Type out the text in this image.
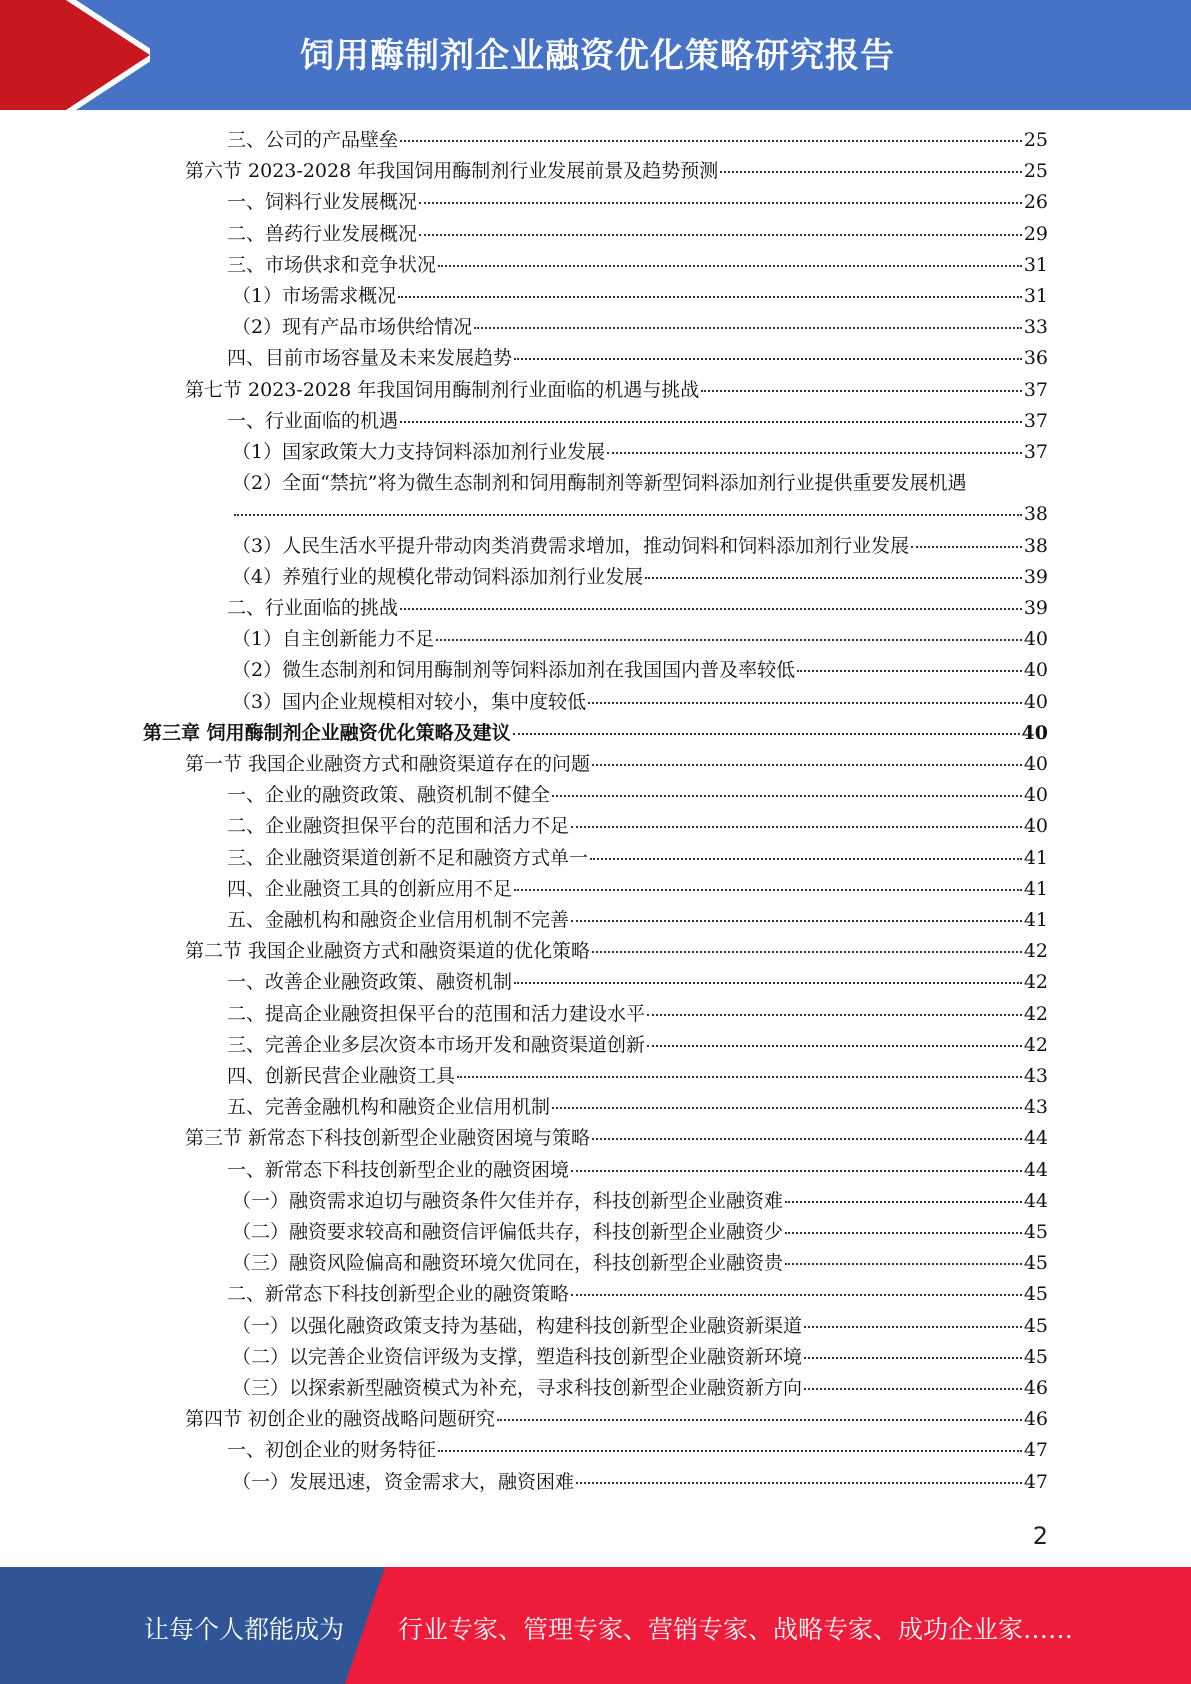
饲用酶制剂企业融资优化策略研究报告
三、公司的产品壁垒	25
第六节 2023-2028 年我国饲用酶制剂行业发展前景及趋势预测	25
一、饲料行业发展概况	26
二、兽药行业发展概况	29
三、市场供求和竞争状况	31
（1）市场需求概况	31
（2）现有产品市场供给情况	33
四、目前市场容量及未来发展趋势	36
第七节 2023-2028 年我国饲用酶制剂行业面临的机遇与挑战	37
一、行业面临的机遇	37
（1）国家政策大力支持饲料添加剂行业发展	37
（2）全面“禁抗”将为微生态制剂和饲用酶制剂等新型饲料添加剂行业提供重要发展机遇
38
（3）人民生活水平提升带动肉类消费需求增加，推动饲料和饲料添加剂行业发展	38
（4）养殖行业的规模化带动饲料添加剂行业发展	39
二、行业面临的挑战	39
（1）自主创新能力不足	40
（2）微生态制剂和饲用酶制剂等饲料添加剂在我国国内普及率较低	40
（3）国内企业规模相对较小，集中度较低	40
第三章 饲用酶制剂企业融资优化策略及建议	40
第一节 我国企业融资方式和融资渠道存在的问题	40
一、企业的融资政策、融资机制不健全	40
二、企业融资担保平台的范围和活力不足	40
三、企业融资渠道创新不足和融资方式单一	41
四、企业融资工具的创新应用不足	41
五、金融机构和融资企业信用机制不完善	41
第二节 我国企业融资方式和融资渠道的优化策略	42
一、改善企业融资政策、融资机制	42
二、提高企业融资担保平台的范围和活力建设水平	42
三、完善企业多层次资本市场开发和融资渠道创新	42
四、创新民营企业融资工具	43
五、完善金融机构和融资企业信用机制	43
第三节 新常态下科技创新型企业融资困境与策略	44
一、新常态下科技创新型企业的融资困境	44
（一）融资需求迫切与融资条件欠佳并存，科技创新型企业融资难	44
（二）融资要求较高和融资信评偏低共存，科技创新型企业融资少	45
（三）融资风险偏高和融资环境欠优同在，科技创新型企业融资贵	45
二、新常态下科技创新型企业的融资策略	45
（一）以强化融资政策支持为基础，构建科技创新型企业融资新渠道	45
（二）以完善企业资信评级为支撑，塑造科技创新型企业融资新环境	45
（三）以探索新型融资模式为补充，寻求科技创新型企业融资新方向	46
第四节 初创企业的融资战略问题研究	46
一、初创企业的财务特征	47
（一）发展迅速，资金需求大，融资困难	47
2
让每个人都能成为 行业专家、管理专家、营销专家、战略专家、成功企业家……
